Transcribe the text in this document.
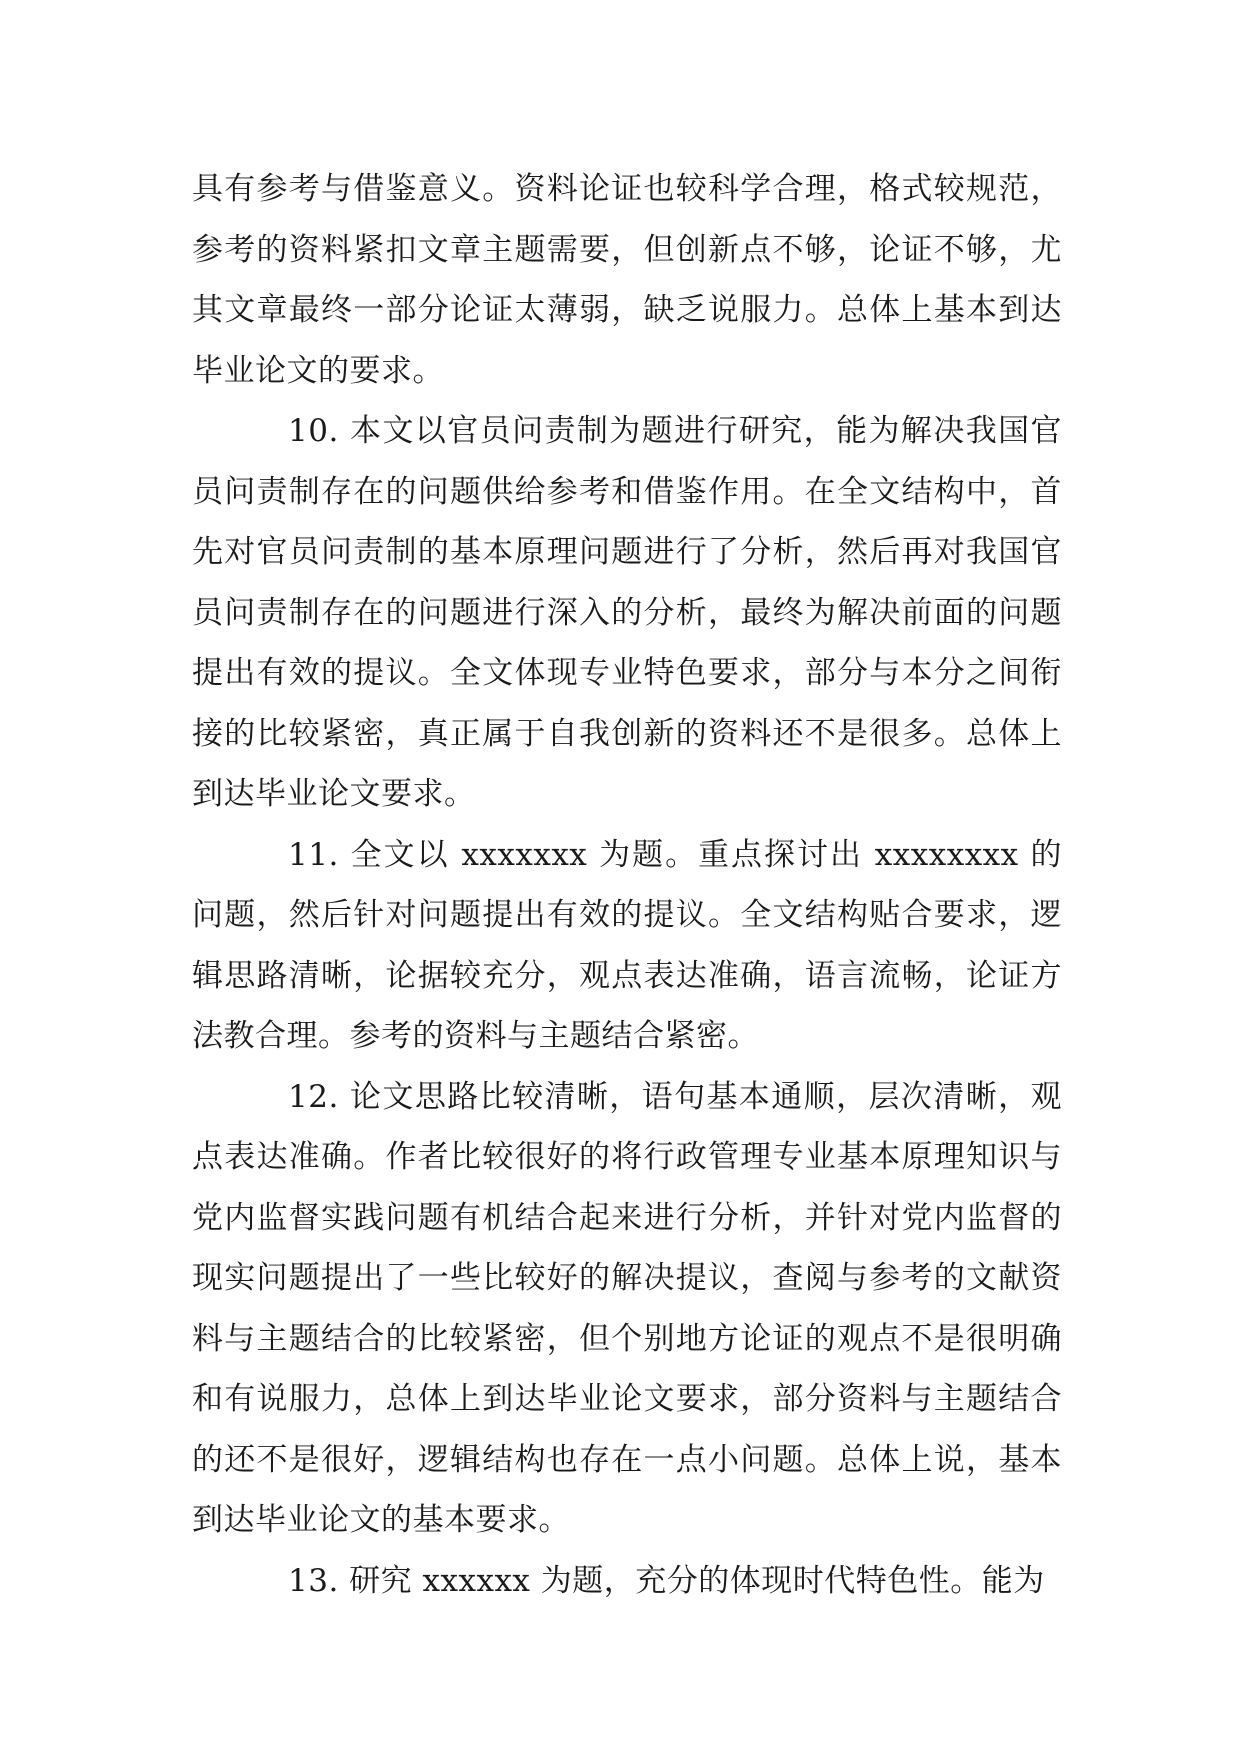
具有参考与借鉴意义。资料论证也较科学合理，格式较规范，参考的资料紧扣文章主题需要，但创新点不够，论证不够，尤其文章最终一部分论证太薄弱，缺乏说服力。总体上基本到达毕业论文的要求。

10. 本文以官员问责制为题进行研究，能为解决我国官员问责制存在的问题供给参考和借鉴作用。在全文结构中，首先对官员问责制的基本原理问题进行了分析，然后再对我国官员问责制存在的问题进行深入的分析，最终为解决前面的问题提出有效的提议。全文体现专业特色要求，部分与本分之间衔接的比较紧密，真正属于自我创新的资料还不是很多。总体上到达毕业论文要求。

11. 全文以 xxxxxxx 为题。重点探讨出 xxxxxxxx 的问题，然后针对问题提出有效的提议。全文结构贴合要求，逻辑思路清晰，论据较充分，观点表达准确，语言流畅，论证方法教合理。参考的资料与主题结合紧密。

12. 论文思路比较清晰，语句基本通顺，层次清晰，观点表达准确。作者比较很好的将行政管理专业基本原理知识与党内监督实践问题有机结合起来进行分析，并针对党内监督的现实问题提出了一些比较好的解决提议，查阅与参考的文献资料与主题结合的比较紧密，但个别地方论证的观点不是很明确和有说服力，总体上到达毕业论文要求，部分资料与主题结合的还不是很好，逻辑结构也存在一点小问题。总体上说，基本到达毕业论文的基本要求。

13. 研究 xxxxxx 为题，充分的体现时代特色性。能为
